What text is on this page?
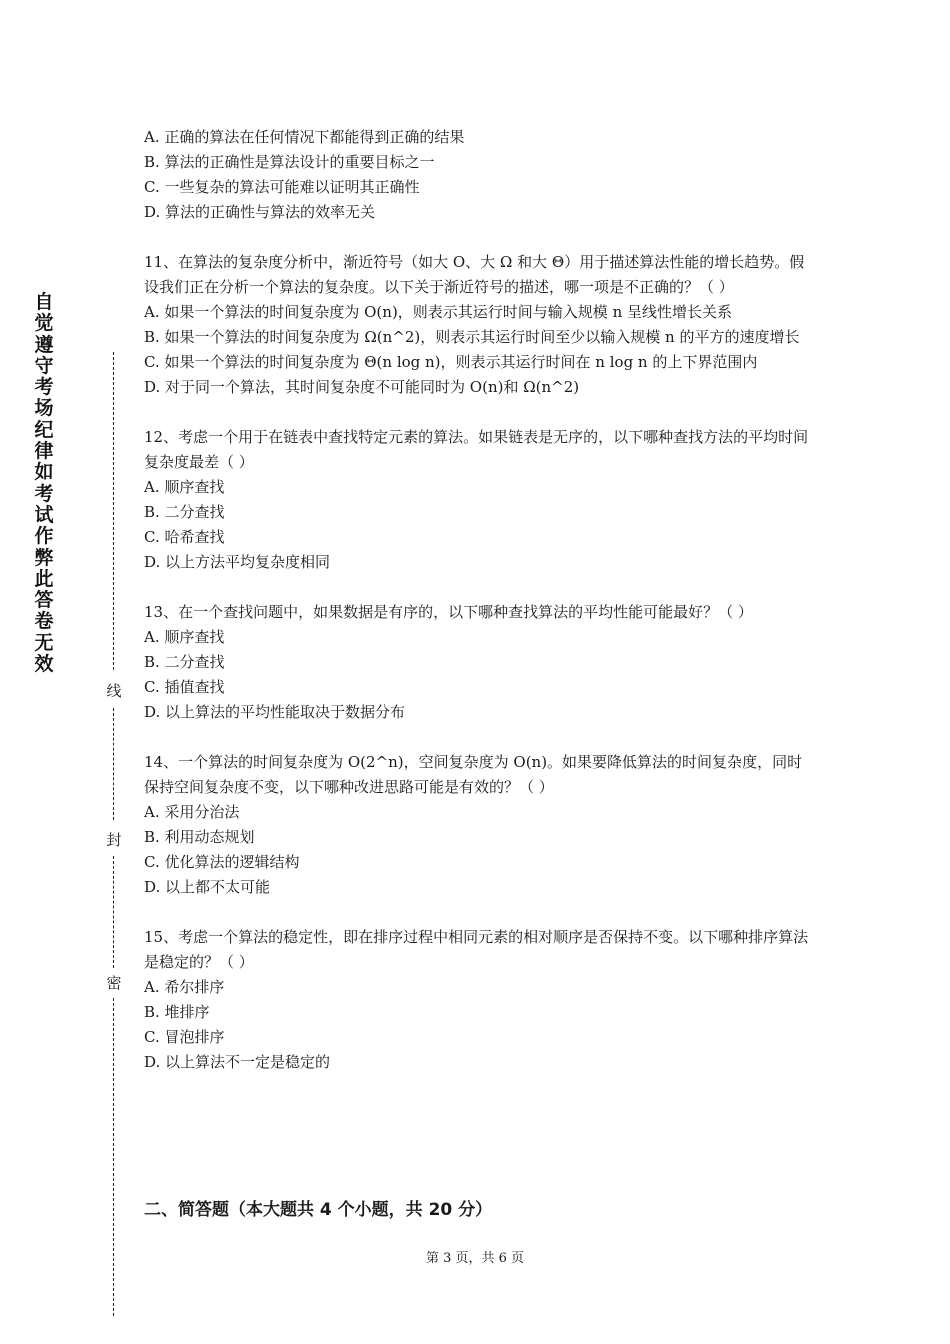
自觉遵守考场纪律如考试作弊此答卷无效
线
封
密
A. 正确的算法在任何情况下都能得到正确的结果
B. 算法的正确性是算法设计的重要目标之一
C. 一些复杂的算法可能难以证明其正确性
D. 算法的正确性与算法的效率无关
11、在算法的复杂度分析中，渐近符号（如大 O、大 Ω 和大 Θ）用于描述算法性能的增长趋势。假设我们正在分析一个算法的复杂度。以下关于渐近符号的描述，哪一项是不正确的？（ ）
A. 如果一个算法的时间复杂度为 O(n)，则表示其运行时间与输入规模 n 呈线性增长关系
B. 如果一个算法的时间复杂度为 Ω(n^2)，则表示其运行时间至少以输入规模 n 的平方的速度增长
C. 如果一个算法的时间复杂度为 Θ(n log n)，则表示其运行时间在 n log n 的上下界范围内
D. 对于同一个算法，其时间复杂度不可能同时为 O(n)和 Ω(n^2)
12、考虑一个用于在链表中查找特定元素的算法。如果链表是无序的，以下哪种查找方法的平均时间复杂度最差（ ）
A. 顺序查找
B. 二分查找
C. 哈希查找
D. 以上方法平均复杂度相同
13、在一个查找问题中，如果数据是有序的，以下哪种查找算法的平均性能可能最好？（ ）
A. 顺序查找
B. 二分查找
C. 插值查找
D. 以上算法的平均性能取决于数据分布
14、一个算法的时间复杂度为 O(2^n)，空间复杂度为 O(n)。如果要降低算法的时间复杂度，同时保持空间复杂度不变，以下哪种改进思路可能是有效的？（ ）
A. 采用分治法
B. 利用动态规划
C. 优化算法的逻辑结构
D. 以上都不太可能
15、考虑一个算法的稳定性，即在排序过程中相同元素的相对顺序是否保持不变。以下哪种排序算法是稳定的？（ ）
A. 希尔排序
B. 堆排序
C. 冒泡排序
D. 以上算法不一定是稳定的
二、简答题（本大题共 4 个小题，共 20 分）
第 3 页，共 6 页
